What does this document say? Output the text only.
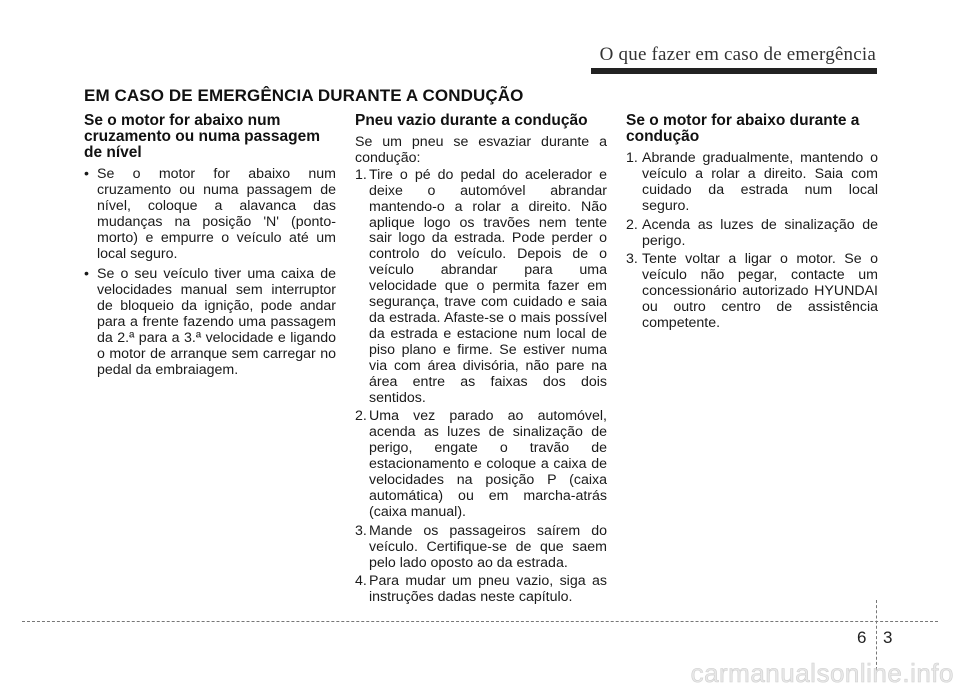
O que fazer em caso de emergência
EM CASO DE EMERGÊNCIA DURANTE A CONDUÇÃO
Se o motor for abaixo num cruzamento ou numa passagem de nível
• Se o motor for abaixo num cruzamento ou numa passagem de nível, coloque a alavanca das mudanças na posição 'N' (ponto-morto) e empurre o veículo até um local seguro.
• Se o seu veículo tiver uma caixa de velocidades manual sem interruptor de bloqueio da ignição, pode andar para a frente fazendo uma passagem da 2.ª para a 3.ª velocidade e ligando o motor de arranque sem carregar no pedal da embraiagem.
Pneu vazio durante a condução

Se um pneu se esvaziar durante a condução:

1. Tire o pé do pedal do acelerador e deixe o automóvel abrandar mantendo-o a rolar a direito. Não aplique logo os travões nem tente sair logo da estrada. Pode perder o controlo do veículo. Depois de o veículo abrandar para uma velocidade que o permita fazer em segurança, trave com cuidado e saia da estrada. Afaste-se o mais possível da estrada e estacione num local de piso plano e firme. Se estiver numa via com área divisória, não pare na área entre as faixas dos dois sentidos.
2. Uma vez parado ao automóvel, acenda as luzes de sinalização de perigo, engate o travão de estacionamento e coloque a caixa de velocidades na posição P (caixa automática) ou em marcha-atrás (caixa manual).
3. Mande os passageiros saírem do veículo. Certifique-se de que saem pelo lado oposto ao da estrada.
4. Para mudar um pneu vazio, siga as instruções dadas neste capítulo.
Se o motor for abaixo durante a condução
1. Abrande gradualmente, mantendo o veículo a rolar a direito. Saia com cuidado da estrada num local seguro.
2. Acenda as luzes de sinalização de perigo.
3. Tente voltar a ligar o motor. Se o veículo não pegar, contacte um concessionário autorizado HYUNDAI ou outro centro de assistência competente.
6 3
carmanualsonline.info
